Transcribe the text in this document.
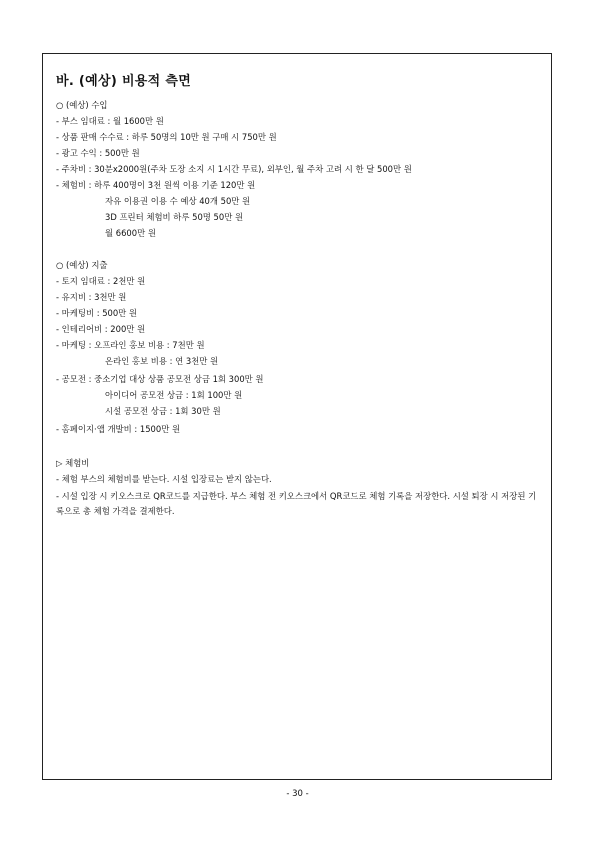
바. (예상) 비용적 측면
○ (예상) 수입
- 부스 임대료 : 월 1600만 원
- 상품 판매 수수료 : 하루 50명의 10만 원 구매 시 750만 원
- 광고 수익 : 500만 원
- 주차비 : 30분x2000원(주차 도장 소지 시 1시간 무료), 외부인, 월 주차 고려 시 한 달 500만 원
- 체험비 : 하루 400명이 3천 원씩 이용 기준 120만 원
자유 이용권 이용 수 예상 40개 50만 원
3D 프린터 체험비 하루 50명 50만 원
월 6600만 원
○ (예상) 지출
- 토지 임대료 : 2천만 원
- 유지비 : 3천만 원
- 마케팅비 : 500만 원
- 인테리어비 : 200만 원
- 마케팅 : 오프라인 홍보 비용 : 7천만 원
온라인 홍보 비용 : 연 3천만 원
- 공모전 : 중소기업 대상 상품 공모전 상금 1회 300만 원
아이디어 공모전 상금 : 1회 100만 원
시설 공모전 상금 : 1회 30만 원
- 홈페이지·앱 개발비 : 1500만 원
▷ 체험비
- 체험 부스의 체험비를 받는다. 시설 입장료는 받지 않는다.
- 시설 입장 시 키오스크로 QR코드를 지급한다. 부스 체험 전 키오스크에서 QR코드로 체험 기록을 저장한다. 시설 퇴장 시 저장된 기록으로 총 체험 가격을 결제한다.
- 30 -
